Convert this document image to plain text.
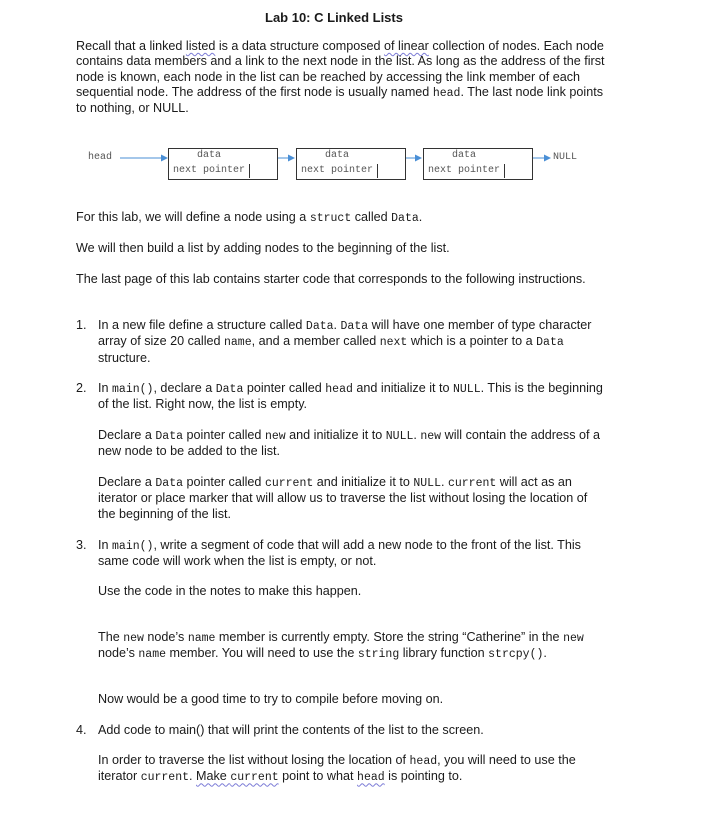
Lab 10: C Linked Lists

Recall that a linked listed is a data structure composed of linear collection of nodes. Each node contains data members and a link to the next node in the list. As long as the address of the first node is known, each node in the list can be reached by accessing the link member of each sequential node. The address of the first node is usually named head. The last node link points to nothing, or NULL.

head	data
next pointer
data
next pointer
data
next pointer
NULL

For this lab, we will define a node using a struct called Data.

We will then build a list by adding nodes to the beginning of the list.

The last page of this lab contains starter code that corresponds to the following instructions.

1. In a new file define a structure called Data. Data will have one member of type character array of size 20 called name, and a member called next which is a pointer to a Data structure.
2. In main(), declare a Data pointer called head and initialize it to NULL. This is the beginning of the list. Right now, the list is empty.

Declare a Data pointer called new and initialize it to NULL. new will contain the address of a new node to be added to the list.

Declare a Data pointer called current and initialize it to NULL. current will act as an iterator or place marker that will allow us to traverse the list without losing the location of the beginning of the list.

3. In main(), write a segment of code that will add a new node to the front of the list. This same code will work when the list is empty, or not.

Use the code in the notes to make this happen.

The new node’s name member is currently empty. Store the string “Catherine” in the new node’s name member. You will need to use the string library function strcpy().

Now would be a good time to try to compile before moving on.

4. Add code to main() that will print the contents of the list to the screen.

In order to traverse the list without losing the location of head, you will need to use the iterator current. Make current point to what head is pointing to.
